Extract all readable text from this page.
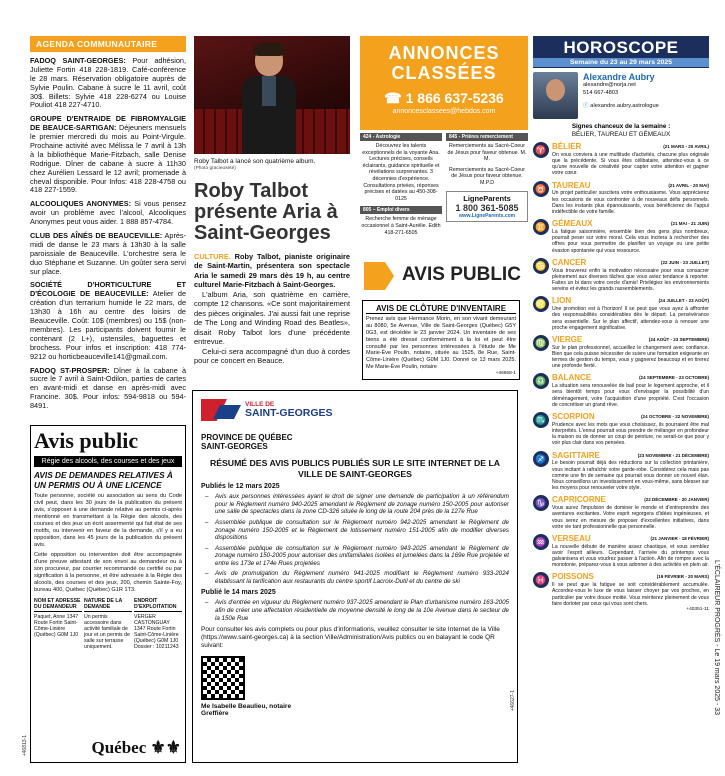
AGENDA COMMUNAUTAIRE
FADOQ SAINT-GEORGES: Pour adhésion, Juliette Fortin 418 228-1819. Café-conférence le 28 mars. Réservation obligatoire auprès de Sylvie Poulin. Cabane à sucre le 11 avril, coût 30$. Billets: Sylvie 418 228-6274 ou Louise Pouliot 418 227-4710.
GROUPE D'ENTRAIDE DE FIBROMYALGIE DE BEAUCE-SARTIGAN: Déjeuners mensuels le premier mercredi du mois au Point-Virgule. Prochaine activité avec Mélissa le 7 avril à 13h à la bibliothèque Marie-Fitzbach, salle Denise Rodrigue. Dîner de cabane à sucre à 11h30 chez Aurélien Lessard le 12 avril; promenade à cheval disponible. Pour Infos: 418 228-4758 ou 418 227-1559.
ALCOOLIQUES ANONYMES: Si vous pensez avoir un problème avec l'alcool, Alcooliques Anonymes peut vous aider. 1 888 857-4784.
CLUB DES AÎNÉS DE BEAUCEVILLE: Après-midi de danse le 23 mars à 13h30 à la salle paroissiale de Beauceville. L'orchestre sera le duo Stéphane et Suzanne. Un goûter sera servi sur place.
SOCIÉTÉ D'HORTICULTURE ET D'ÉCOLOGIE DE BEAUCEVILLE: Atelier de création d'un terrarium humide le 22 mars, de 13h30 à 16h au centre des loisirs de Beauceville. Coût: 10$ (membres) ou 15$ (non-membres). Les participants doivent fournir le contenant (2 L+), ustensiles, baguettes et brochess. Pour infos et inscription: 418 774-9212 ou horticbeauceville141@gmail.com.
FADOQ ST-PROSPER: Dîner à la cabane à sucre le 7 avril à Saint-Odilon, parties de cartes en avant-midi et danse en après-midi avec Francine. 30$. Pour infos: 594-9818 ou 594-8491.
Avis public
Régie des alcools, des courses et des jeux
AVIS DE DEMANDES RELATIVES À UN PERMIS OU À UNE LICENCE
Toute personne, société ou association au sens du Code civil peut, dans les 30 jours de la publication du présent avis, s'opposer à une demande relative au permis ci-après mentionné en transmettant à la Régie des alcools, des courses et des jeux un écrit assermenté qui fait état de ses motifs, ou intervenir en faveur de la demande, s'il y a eu opposition, dans les 45 jours de la publication du présent avis.
Cette opposition ou intervention doit être accompagnée d'une preuve attestant de son envoi au demandeur ou à son procureur, par courrier recommandé ou certifié ou par signification à la personne, et être adressée à la Régie des alcools, des courses et des jeux, 200, chemin Sainte-Foy, bureau 400, Québec (Québec) G1R 1T3.
NOM ET ADRESSE DU DEMANDEUR
NATURE DE LA DEMANDE
ENDROIT D'EXPLOITATION
Paquet, Anne 1347 Route Fortin Saint-Côme-Linière (Québec) G0M 1J0
Un permis accessoire dans activité familiale de jour et un permis de salle sur terrasse uniquement.
VERGER CASTONGUAY 1347 Route Fortin Saint-Côme-Linière (Québec) G0M 1J0 Dossier : 10211243
Québec ⚜⚜
+46813-1
Roby Talbot a lancé son quatrième album.
(Photo gracieuseté)
Roby Talbot présente Aria à Saint-Georges

CULTURE. Roby Talbot, pianiste originaire de Saint-Martin, présentera son spectacle Aria le samedi 29 mars dès 19 h, au centre culturel Marie-Fitzbach à Saint-Georges.

L'album Aria, son quatrième en carrière, compte 12 chansons. «Ce sont majoritairement des pièces originales. J'ai aussi fait une reprise de The Long and Winding Road des Beatles», disait Roby Talbot lors d'une précédente entrevue.

Celui-ci sera accompagné d'un duo à cordes pour ce concert en Beauce.

ANNONCES
CLASSÉES
☎ 1 866 637-5236
annoncesclassees@hebdos.com
424 - Astrologie
Découvrez les talents exceptionnels de la voyante Ana. Lectures précises, conseils éclairants, guidance spirituelle et révélations surprenantes. 3 décennies d'expérience. Consultations privées, réponses précises et datées au 450-308-0125
805 – Emploi divers
Recherche femme de ménage occasionnel à Saint-Aurélie. Edith 418-271-6505
845 - Prières remerciement
Remerciements au Sacré-Coeur de Jésus pour faveur obtenue. M. M.
Remerciements au Sacré-Coeur de Jésus pour faveur obtenue. M.P.D
LigneParents
1 800 361-5085
www.LigneParents.com
AVIS PUBLIC
AVIS DE CLÔTURE D'INVENTAIRE
Prenez avis que Hermance Morin, en son vivant demeurant au 8080, 5e Avenue, Ville de Saint-Georges (Québec) G5Y 0G3, est décédée le 23 janvier 2024. Un inventaire de ses biens a été dressé conformément à la loi et peut être consulté par les personnes intéressées à l'étude de Me Marie-Ève Poulin, notaire, située au 1525, 8e Rue, Saint-Côme-Linière (Québec) G0M 1J0. Donné ce 13 mars 2025. Me Marie-Ève Poulin, notaire
+46658-1
VILLE DE
SAINT-GEORGES
PROVINCE DE QUÉBEC
SAINT-GEORGES
RÉSUMÉ DES AVIS PUBLICS PUBLIÉS SUR LE SITE INTERNET DE LA VILLE DE SAINT-GEORGES
Publiés le 12 mars 2025
– Avis aux personnes intéressées ayant le droit de signer une demande de participation à un référendum pour le Règlement numéro 940-2025 amendant le Règlement de zonage numéro 150-2005 pour autoriser une salle de spectacles dans la zone CD-326 située le long de la route 204 près de la 127e Rue
– Assemblée publique de consultation sur le Règlement numéro 942-2025 amendant le Règlement de zonage numéro 150-2005 et le Règlement de lotissement numéro 151-2005 afin de modifier diverses dispositions
– Assemblée publique de consultation sur le Règlement numéro 943-2025 amendant le Règlement de zonage numéro 150-2005 pour autoriser des unifamiliales isolées et jumelées dans la 169e Rue projetée et entre les 173e et 174e Rues projetées
– Avis de promulgation du Règlement numéro 941-2025 modifiant le Règlement numéro 933-2024 établissant la tarification aux restaurants du centre sportif Lacroix-Dutil et du centre de ski
Publié le 14 mars 2025
– Avis d'entrée en vigueur du Règlement numéro 937-2025 amendant le Plan d'urbanisme numéro 163-2005 afin de créer une affectation résidentielle de moyenne densité le long de la 10e Avenue dans le secteur de la 150e Rue
Pour consulter les avis complets ou pour plus d'informations, veuillez consulter le site Internet de la Ville (https://www.saint-georges.ca) à la section Ville/Administration/Avis publics ou en balayant le code QR suivant:
Me Isabelle Beaulieu, notaire
Greffière
+46627-1
HOROSCOPE
Semaine du 23 au 29 mars 2025
Alexandre Aubry
alexandre@norja.net
514 667-4803
ⓕ alexandre.aubry.astrologue
Signes chanceux de la semaine :
BÉLIER, TAUREAU ET GÉMEAUX
♈	(21 MARS - 20 AVRIL)
BÉLIER
On vous convierа à une multitude d'activités, chacune plus originale que la précédente. Si vous êtes célibataire, attendez-vous à ce qu'une nouvelle de créativité pour capter votre attention et gagner votre cœur.
♉	(21 AVRIL - 20 MAI)
TAUREAU
Un projet particulier susciterа votre enthousiasme. Vous apprécierez les occasions de vous confronter à de nouveaux défis personnels. Dans les instants plus épanouissants, vous bénéficierez de l'appui indéfectible de votre famille.
♊	(21 MAI - 21 JUIN)
GÉMEAUX
La fatigue saisonnière, ensemble bien des gens plus nombreux, pourrait peser sur votre moral. Cela vous incitera à rechercher des offres pour vous permettre de planifier un voyage ou une petite évasion spontanée qui vous ressource.
♋	(22 JUIN - 23 JUILLET)
CANCER
Vous trouverez enfin la motivation nécessaire pour vous consacrer pleinement aux diverses tâches que vous aviez tendance à reporter. Faites un bi dans votre cercle d'amis! Privilégiez les environnements sereins et évitez les grands rassemblements.
♌	(24 JUILLET - 23 AOÛT)
LION
Une promotion est à l'horizon! Il se peut que vous ayez à affronter des responsabilités considérables dès le départ. La persévérance sera essentielle. Sur le plan affectif, attendez-vous à renouer une proche engagement significative.
♍	(24 AOÛT - 23 SEPTEMBRE)
VIERGE
Sur le plan professionnel, accueillez le changement avec confiance. Bien que cela puisse nécessiter de suivre une formation exigeante en termes de gestion du temps, vous y gagnerez beaucoup et en tirerez une profonde fierté.
♎	(24 SEPTEMBRE - 23 OCTOBRE)
BALANCE
La situation sera renouvelée de bail pour le logement approche, et il sera bientôt temps pour vous d'envisager la possibilité d'un déménagement, voire l'acquisition d'une propriété. C'est l'occasion de concrétiser un grand rêve.
♏	(24 OCTOBRE - 22 NOVEMBRE)
SCORPION
Prudence avec les mots que vous choisissez, ils pourraient être mal interprétés. L'ennui pourrait vous prendre de mélanger en profondeur la maison ou de donner un coup de peinture, ne serait-ce que pour y voir plus clair dans vos pensées.
♐	(23 NOVEMBRE - 21 DÉCEMBRE)
SAGITTAIRE
Le besoin pourrait déjà des réductions sur la collection printanière, vous incitant à rafraîchir votre garde-robe. Considérez cela mais pas comme une fin de semaine qui pourrait vous donner un nouvel élan. Nous conseillons un investissement en vous-même, sans blesser sur les moyens pour renouveler votre style.
♑	(22 DÉCEMBRE - 20 JANVIER)
CAPRICORNE
Vous aurez l'impulsion de dominer le monde et d'entreprendre des aventures excitantes. Votre esprit regorgera d'idées ingénieuses, et vous serez en mesure de proposer d'excellentes initiatives, dans votre vie tant professionnelle que personnelle.
♒	(21 JANVIER - 18 FÉVRIER)
VERSEAU
La nouvelle débute de manière assez chaotique, et vous semblez avoir l'esprit ailleurs. Cependant, l'arrivée du printemps vous galvanisera et vous voudrez passer à l'action. Afin de rompre avec la monotonie, préparez-vous à vous adonner à des activités en plein air.
♓	(19 FÉVRIER - 20 MARS)
POISSONS
Il se peut que la fatigue se soit considérablement accumulée. Accordez-vous le luxe de vous laisser choyer par vos proches, en particulier par votre douce moitié. Vous mériterez pleinement de vous faire dorloter par ceux qui vous sont chers.
+40351-11 L'ÉCLAIREUR PROGRÈS - Le 19 mars 2025 - 33
